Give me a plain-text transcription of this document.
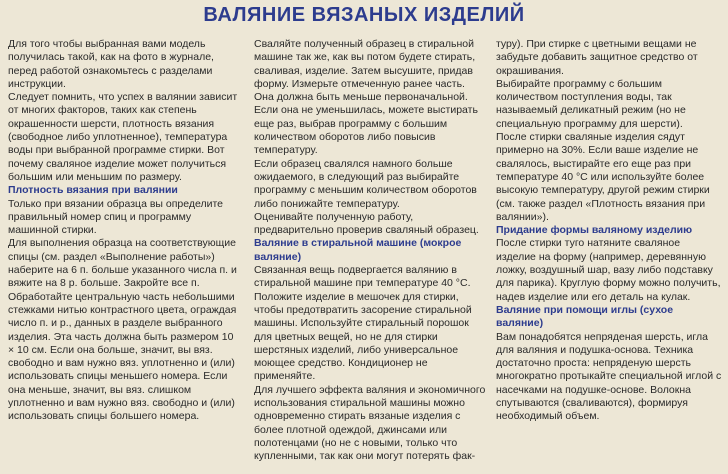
ВАЛЯНИЕ ВЯЗАНЫХ ИЗДЕЛИЙ

Для того чтобы выбранная вами модель получилась такой, как на фото в журнале, перед работой ознакомьтесь с разделами инструкции.

Следует помнить, что успех в валянии зависит от многих факторов, таких как степень окрашенности шерсти, плотность вязания (свободное либо уплотненное), температура воды при выбранной программе стирки. Вот почему сваляное изделие может получиться большим или меньшим по размеру.

Плотность вязания при валянии

Только при вязании образца вы определите правильный номер спиц и программу машинной стирки.

Для выполнения образца на соответствующие спицы (см. раздел «Выполнение работы») наберите на 6 п. больше указанного числа п. и вяжите на 8 р. больше. Закройте все п. Обработайте центральную часть небольшими стежками нитью контрастного цвета, ограждая число п. и р., данных в разделе выбранного изделия. Эта часть должна быть размером 10 × 10 см. Если она больше, значит, вы вяз. свободно и вам нужно вяз. уплотненно и (или) использовать спицы меньшего номера. Если она меньше, значит, вы вяз. слишком уплотненно и вам нужно вяз. свободно и (или) использовать спицы большего номера.

Сваляйте полученный образец в стиральной машине так же, как вы потом будете стирать, сваливая, изделие. Затем высушите, придав форму. Измерьте отмеченную ранее часть. Она должна быть меньше первоначальной.

Если она не уменьшилась, можете выстирать еще раз, выбрав программу с большим количеством оборотов либо повысив температуру.

Если образец свалялся намного больше ожидаемого, в следующий раз выбирайте программу с меньшим количеством оборотов либо понижайте температуру.

Оценивайте полученную работу, предварительно проверив сваляный образец.

Валяние в стиральной машине (мокрое валяние)

Связанная вещь подвергается валянию в стиральной машине при температуре 40 °С. Положите изделие в мешочек для стирки, чтобы предотвратить засорение стиральной машины. Используйте стиральный порошок для цветных вещей, но не для стирки шерстяных изделий, либо универсальное моющее средство. Кондиционер не применяйте.

Для лучшего эффекта валяния и экономичного использования стиральной машины можно одновременно стирать вязаные изделия с более плотной одеждой, джинсами или полотенцами (но не с новыми, только что купленными, так как они могут потерять фак-

туру). При стирке с цветными вещами не забудьте добавить защитное средство от окрашивания.

Выбирайте программу с большим количеством поступления воды, так называемый деликатный режим (но не специальную программу для шерсти).

После стирки сваляные изделия сядут примерно на 30%. Если ваше изделие не свалялось, выстирайте его еще раз при температуре 40 °С или используйте более высокую температуру, другой режим стирки (см. также раздел «Плотность вязания при валянии»).

Придание формы валяному изделию

После стирки туго натяните сваляное изделие на форму (например, деревянную ложку, воздушный шар, вазу либо подставку для парика). Круглую форму можно получить, надев изделие или его деталь на кулак.

Валяние при помощи иглы (сухое валяние)

Вам понадобятся непряденая шерсть, игла для валяния и подушка-основа. Техника достаточно проста: непряденую шерсть многократно протыкайте специальной иглой с насечками на подушке-основе. Волокна спутываются (сваливаются), формируя необходимый объем.
